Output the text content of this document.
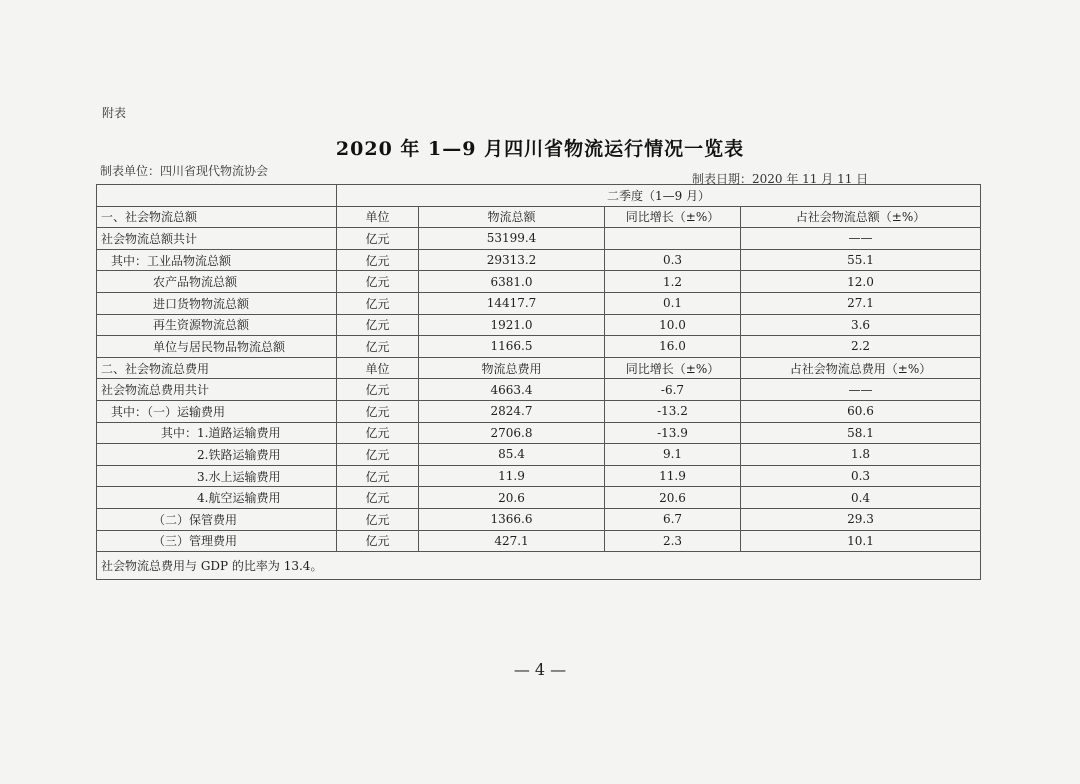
附表
2020 年 1—9 月四川省物流运行情况一览表
制表单位：四川省现代物流协会
制表日期：2020 年 11 月 11 日
	二季度（1—9 月）			
一、社会物流总额	单位	物流总额	同比增长（±%）	占社会物流总额（±%）
社会物流总额共计	亿元	53199.4		——
其中：工业品物流总额	亿元	29313.2	0.3	55.1
农产品物流总额	亿元	6381.0	1.2	12.0
进口货物物流总额	亿元	14417.7	0.1	27.1
再生资源物流总额	亿元	1921.0	10.0	3.6
单位与居民物品物流总额	亿元	1166.5	16.0	2.2
二、社会物流总费用	单位	物流总费用	同比增长（±%）	占社会物流总费用（±%）
社会物流总费用共计	亿元	4663.4	-6.7	——
其中：（一）运输费用	亿元	2824.7	-13.2	60.6
其中：1.道路运输费用	亿元	2706.8	-13.9	58.1
2.铁路运输费用	亿元	85.4	9.1	1.8
3.水上运输费用	亿元	11.9	11.9	0.3
4.航空运输费用	亿元	20.6	20.6	0.4
（二）保管费用	亿元	1366.6	6.7	29.3
（三）管理费用	亿元	427.1	2.3	10.1
社会物流总费用与 GDP 的比率为 13.4。				
— 4 —
